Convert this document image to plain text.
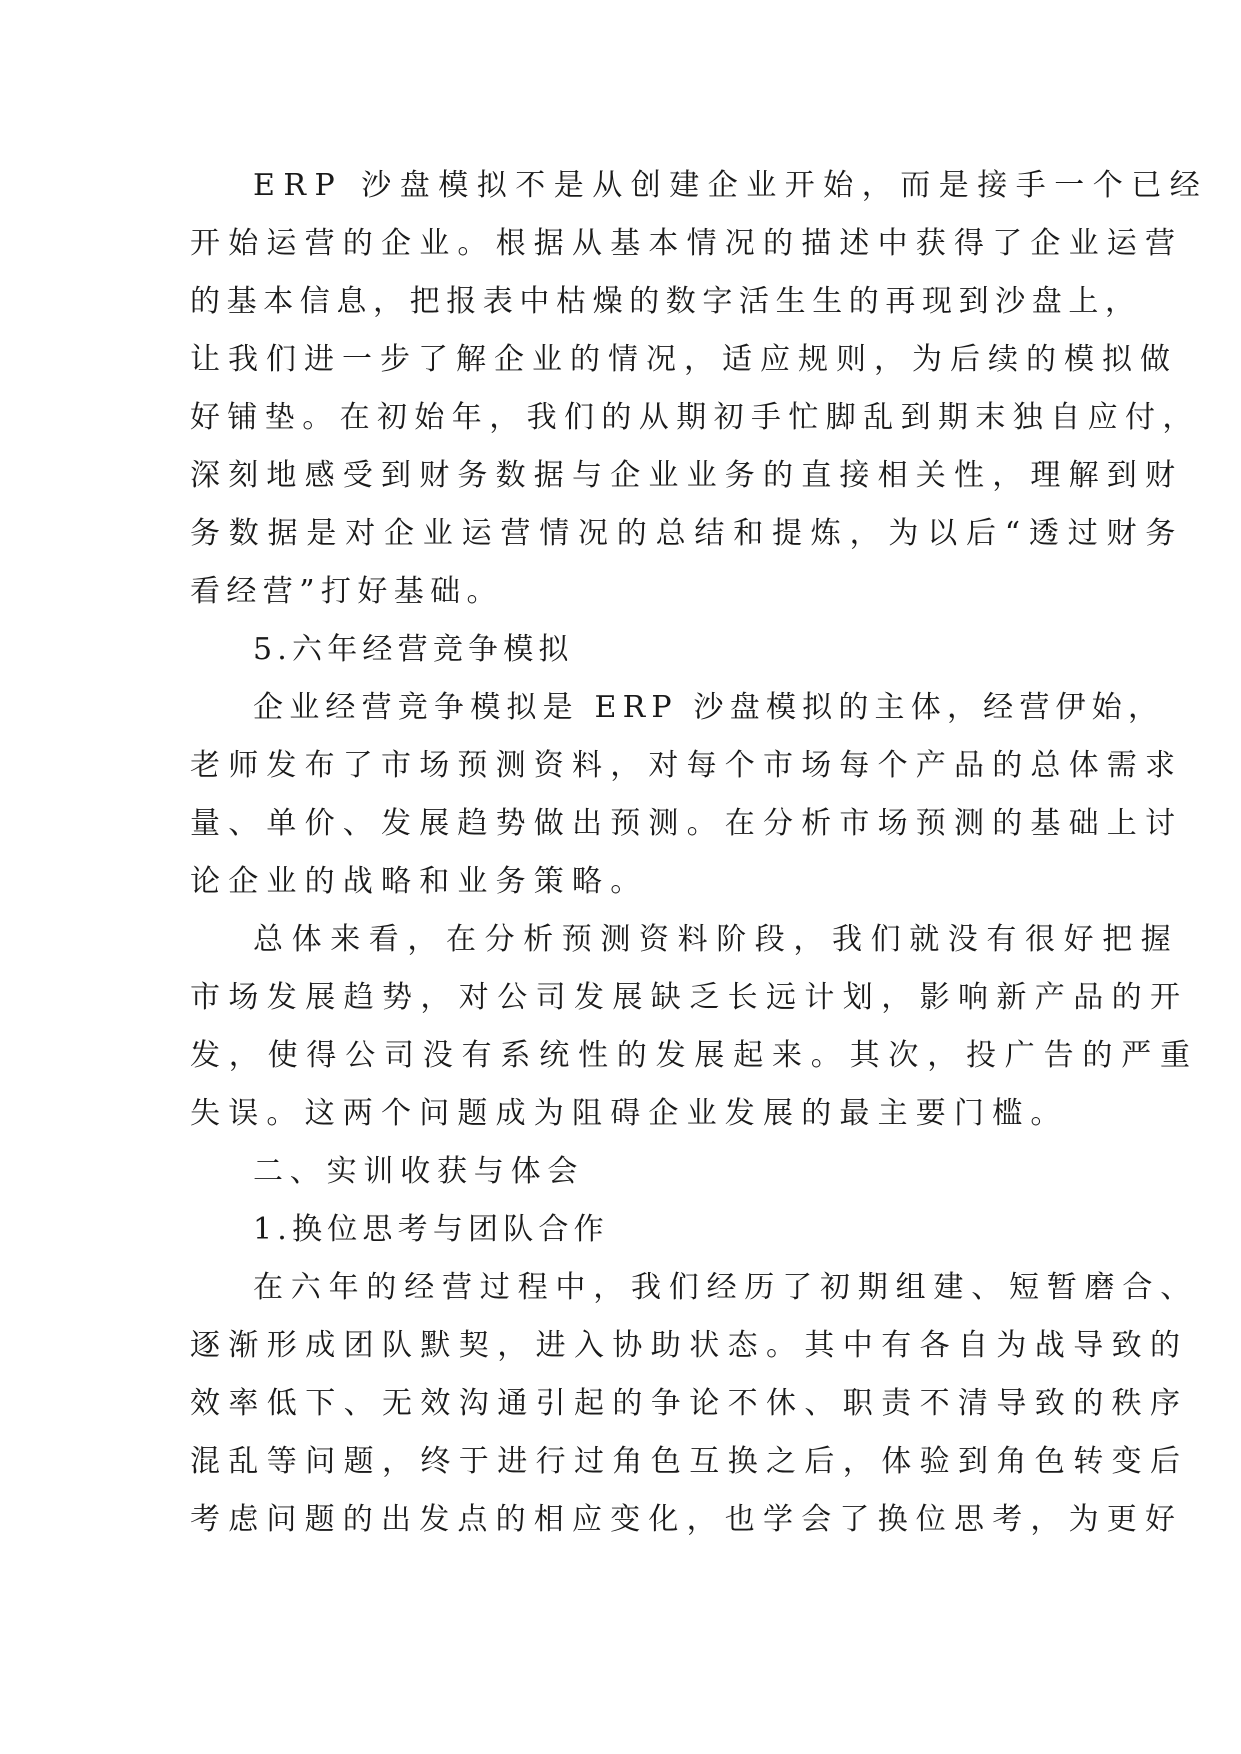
ERP 沙盘模拟不是从创建企业开始，而是接手一个已经
开始运营的企业。根据从基本情况的描述中获得了企业运营
的基本信息，把报表中枯燥的数字活生生的再现到沙盘上，
让我们进一步了解企业的情况，适应规则，为后续的模拟做
好铺垫。在初始年，我们的从期初手忙脚乱到期末独自应付，
深刻地感受到财务数据与企业业务的直接相关性，理解到财
务数据是对企业运营情况的总结和提炼，为以后“透过财务
看经营”打好基础。
5.六年经营竞争模拟
企业经营竞争模拟是 ERP 沙盘模拟的主体，经营伊始，
老师发布了市场预测资料，对每个市场每个产品的总体需求
量、单价、发展趋势做出预测。在分析市场预测的基础上讨
论企业的战略和业务策略。
总体来看，在分析预测资料阶段，我们就没有很好把握
市场发展趋势，对公司发展缺乏长远计划，影响新产品的开
发，使得公司没有系统性的发展起来。其次，投广告的严重
失误。这两个问题成为阻碍企业发展的最主要门槛。
二、实训收获与体会
1.换位思考与团队合作
在六年的经营过程中，我们经历了初期组建、短暂磨合、
逐渐形成团队默契，进入协助状态。其中有各自为战导致的
效率低下、无效沟通引起的争论不休、职责不清导致的秩序
混乱等问题，终于进行过角色互换之后，体验到角色转变后
考虑问题的出发点的相应变化，也学会了换位思考，为更好
